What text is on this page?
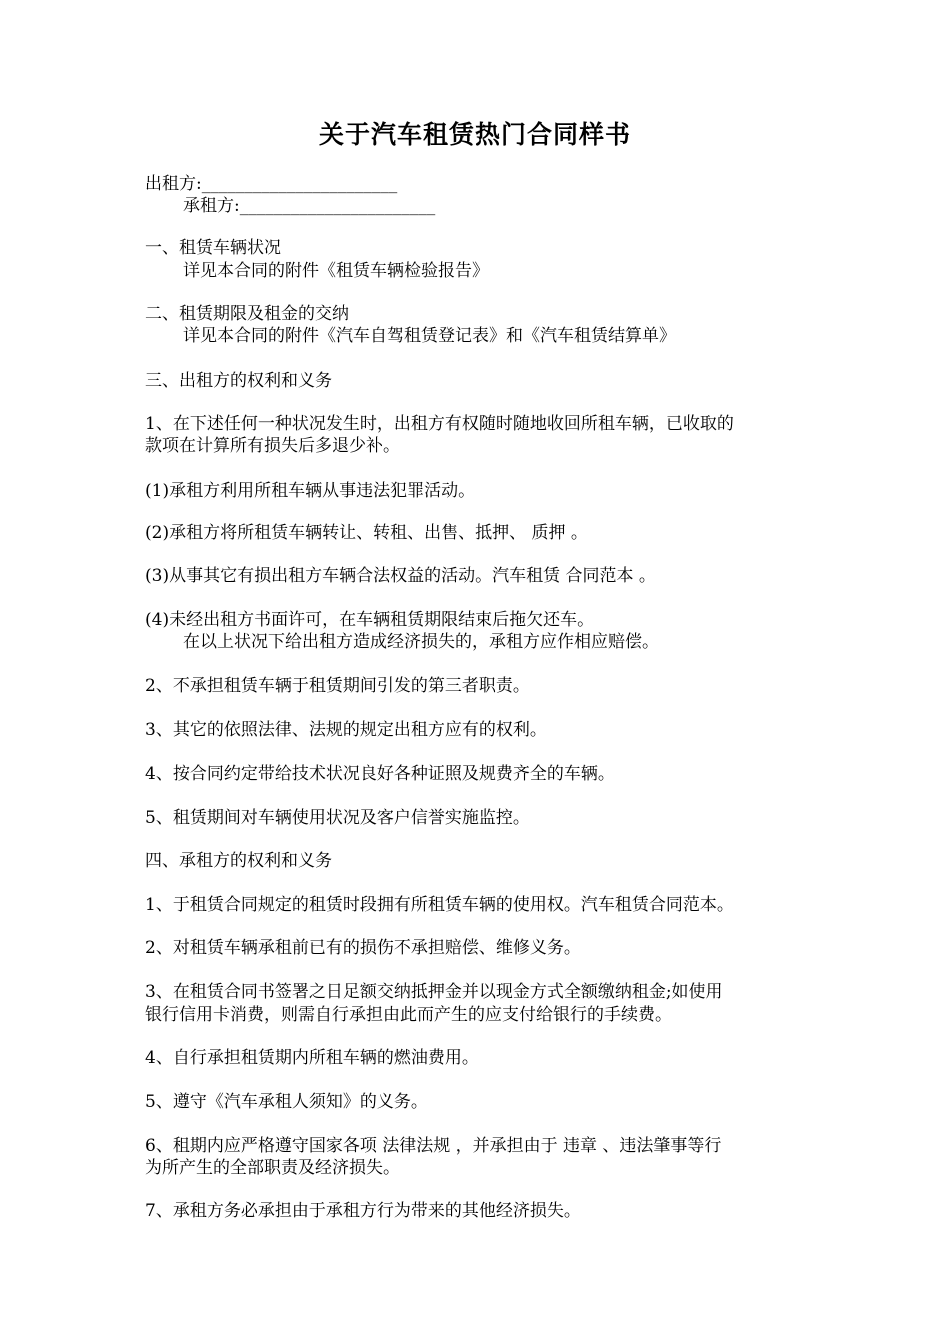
关于汽车租赁热门合同样书
出租方:_______________________
承租方:_______________________
一、租赁车辆状况
详见本合同的附件《租赁车辆检验报告》
二、租赁期限及租金的交纳
详见本合同的附件《汽车自驾租赁登记表》和《汽车租赁结算单》
三、出租方的权利和义务
1、在下述任何一种状况发生时，出租方有权随时随地收回所租车辆，已收取的
款项在计算所有损失后多退少补。
(1)承租方利用所租车辆从事违法犯罪活动。
(2)承租方将所租赁车辆转让、转租、出售、抵押、 质押 。
(3)从事其它有损出租方车辆合法权益的活动。汽车租赁 合同范本 。
(4)未经出租方书面许可，在车辆租赁期限结束后拖欠还车。
在以上状况下给出租方造成经济损失的，承租方应作相应赔偿。
2、不承担租赁车辆于租赁期间引发的第三者职责。
3、其它的依照法律、法规的规定出租方应有的权利。
4、按合同约定带给技术状况良好各种证照及规费齐全的车辆。
5、租赁期间对车辆使用状况及客户信誉实施监控。
四、承租方的权利和义务
1、于租赁合同规定的租赁时段拥有所租赁车辆的使用权。汽车租赁合同范本。
2、对租赁车辆承租前已有的损伤不承担赔偿、维修义务。
3、在租赁合同书签署之日足额交纳抵押金并以现金方式全额缴纳租金;如使用
银行信用卡消费，则需自行承担由此而产生的应支付给银行的手续费。
4、自行承担租赁期内所租车辆的燃油费用。
5、遵守《汽车承租人须知》的义务。
6、租期内应严格遵守国家各项 法律法规 ，并承担由于 违章 、违法肇事等行
为所产生的全部职责及经济损失。
7、承租方务必承担由于承租方行为带来的其他经济损失。
